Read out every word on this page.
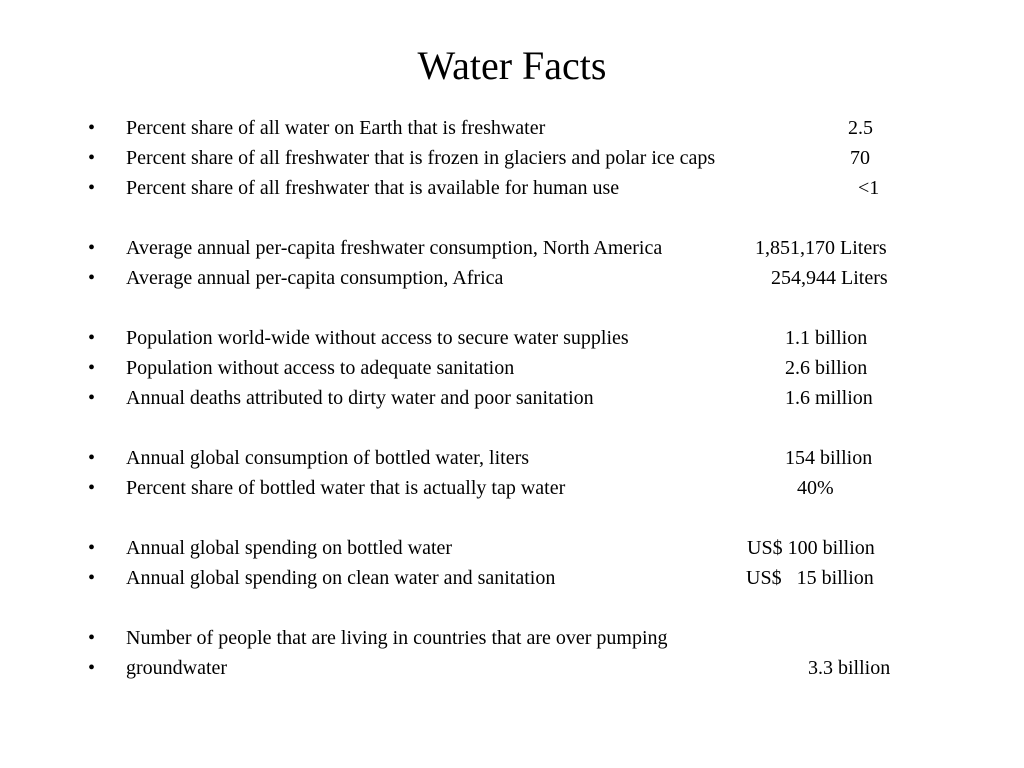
Water Facts

•

Percent share of all water on Earth that is freshwater

	2.5

•

Percent share of all freshwater that is frozen in glaciers and polar ice caps

	70

•

Percent share of all freshwater that is available for human use

	<1

•

Average annual per-capita freshwater consumption, North America

	1,851,170 Liters

•

Average annual per-capita consumption, Africa

	254,944 Liters

•

Population world-wide without access to secure water supplies

	1.1 billion

•

Population without access to adequate sanitation

	2.6 billion

•

Annual deaths attributed to dirty water and poor sanitation

	1.6 million

•

Annual global consumption of bottled water, liters

	154 billion

•

Percent share of bottled water that is actually tap water

	40%

•

Annual global spending on bottled water

	US$ 100 billion

•

Annual global spending on clean water and sanitation

	US$   15 billion

•

Number of people that are living in countries that are over pumping

•

groundwater

	3.3 billion
